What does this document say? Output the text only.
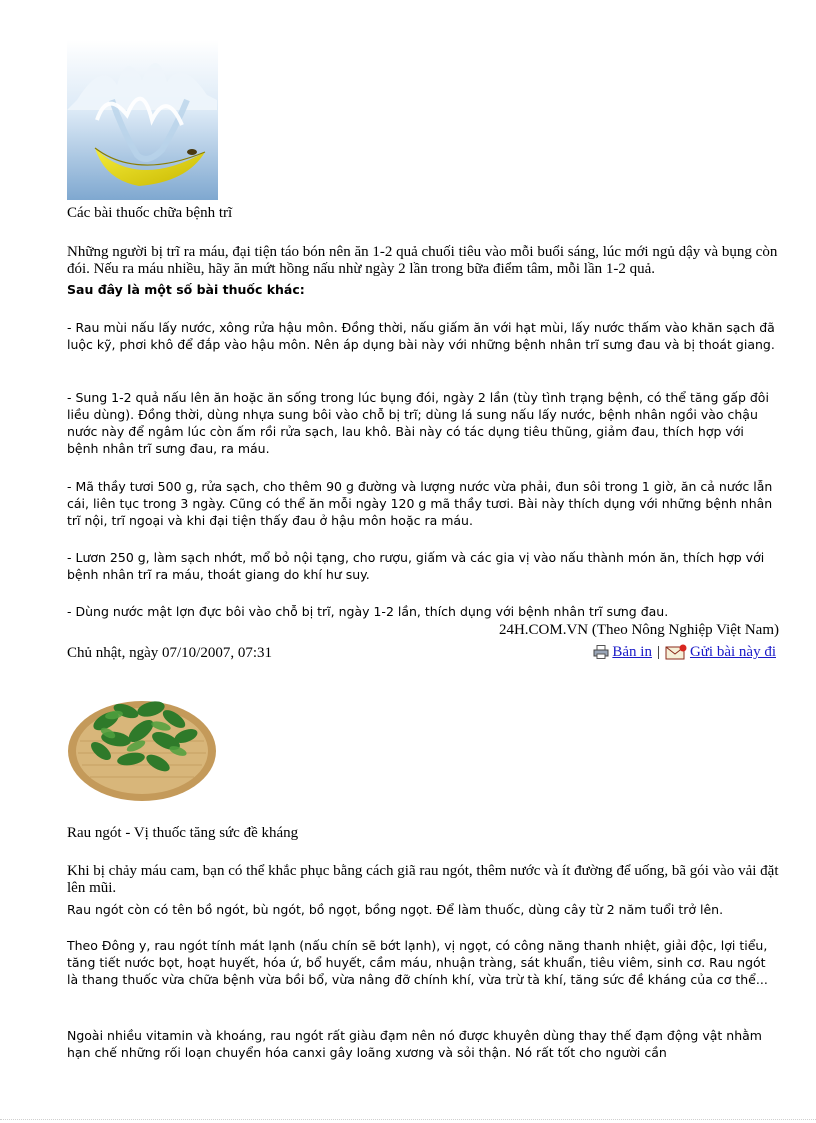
Các bài thuốc chữa bệnh trĩ

Những người bị trĩ ra máu, đại tiện táo bón nên ăn 1-2 quả chuối tiêu vào mỗi buổi sáng, lúc mới ngủ dậy và bụng còn đói. Nếu ra máu nhiều, hãy ăn mứt hồng nấu nhừ ngày 2 lần trong bữa điểm tâm, mỗi lần 1-2 quả.

Sau đây là một số bài thuốc khác:

- Rau mùi nấu lấy nước, xông rửa hậu môn. Đồng thời, nấu giấm ăn với hạt mùi, lấy nước thấm vào khăn sạch đã luộc kỹ, phơi khô để đắp vào hậu môn. Nên áp dụng bài này với những bệnh nhân trĩ sưng đau và bị thoát giang.

- Sung 1-2 quả nấu lên ăn hoặc ăn sống trong lúc bụng đói, ngày 2 lần (tùy tình trạng bệnh, có thể tăng gấp đôi liều dùng). Đồng thời, dùng nhựa sung bôi vào chỗ bị trĩ; dùng lá sung nấu lấy nước, bệnh nhân ngồi vào chậu nước này để ngâm lúc còn ấm rồi rửa sạch, lau khô. Bài này có tác dụng tiêu thũng, giảm đau, thích hợp với bệnh nhân trĩ sưng đau, ra máu.

- Mã thầy tươi 500 g, rửa sạch, cho thêm 90 g đường và lượng nước vừa phải, đun sôi trong 1 giờ, ăn cả nước lẫn cái, liên tục trong 3 ngày. Cũng có thể ăn mỗi ngày 120 g mã thầy tươi. Bài này thích dụng với những bệnh nhân trĩ nội, trĩ ngoại và khi đại tiện thấy đau ở hậu môn hoặc ra máu.

- Lươn 250 g, làm sạch nhớt, mổ bỏ nội tạng, cho rượu, giấm và các gia vị vào nấu thành món ăn, thích hợp với bệnh nhân trĩ ra máu, thoát giang do khí hư suy.

- Dùng nước mật lợn đực bôi vào chỗ bị trĩ, ngày 1-2 lần, thích dụng với bệnh nhân trĩ sưng đau.

24H.COM.VN (Theo Nông Nghiệp Việt Nam)

Chủ nhật, ngày 07/10/2007, 07:31	Bản in | Gửi bài này đi

Rau ngót - Vị thuốc tăng sức đề kháng

Khi bị chảy máu cam, bạn có thể khắc phục bằng cách giã rau ngót, thêm nước và ít đường để uống, bã gói vào vải đặt lên mũi.

Rau ngót còn có tên bồ ngót, bù ngót, bồ ngọt, bồng ngọt. Để làm thuốc, dùng cây từ 2 năm tuổi trở lên.

Theo Đông y, rau ngót tính mát lạnh (nấu chín sẽ bớt lạnh), vị ngọt, có công năng thanh nhiệt, giải độc, lợi tiểu, tăng tiết nước bọt, hoạt huyết, hóa ứ, bổ huyết, cầm máu, nhuận tràng, sát khuẩn, tiêu viêm, sinh cơ. Rau ngót là thang thuốc vừa chữa bệnh vừa bồi bổ, vừa nâng đỡ chính khí, vừa trừ tà khí, tăng sức đề kháng của cơ thể...

Ngoài nhiều vitamin và khoáng, rau ngót rất giàu đạm nên nó được khuyên dùng thay thế đạm động vật nhằm hạn chế những rối loạn chuyển hóa canxi gây loãng xương và sỏi thận. Nó rất tốt cho người cần
